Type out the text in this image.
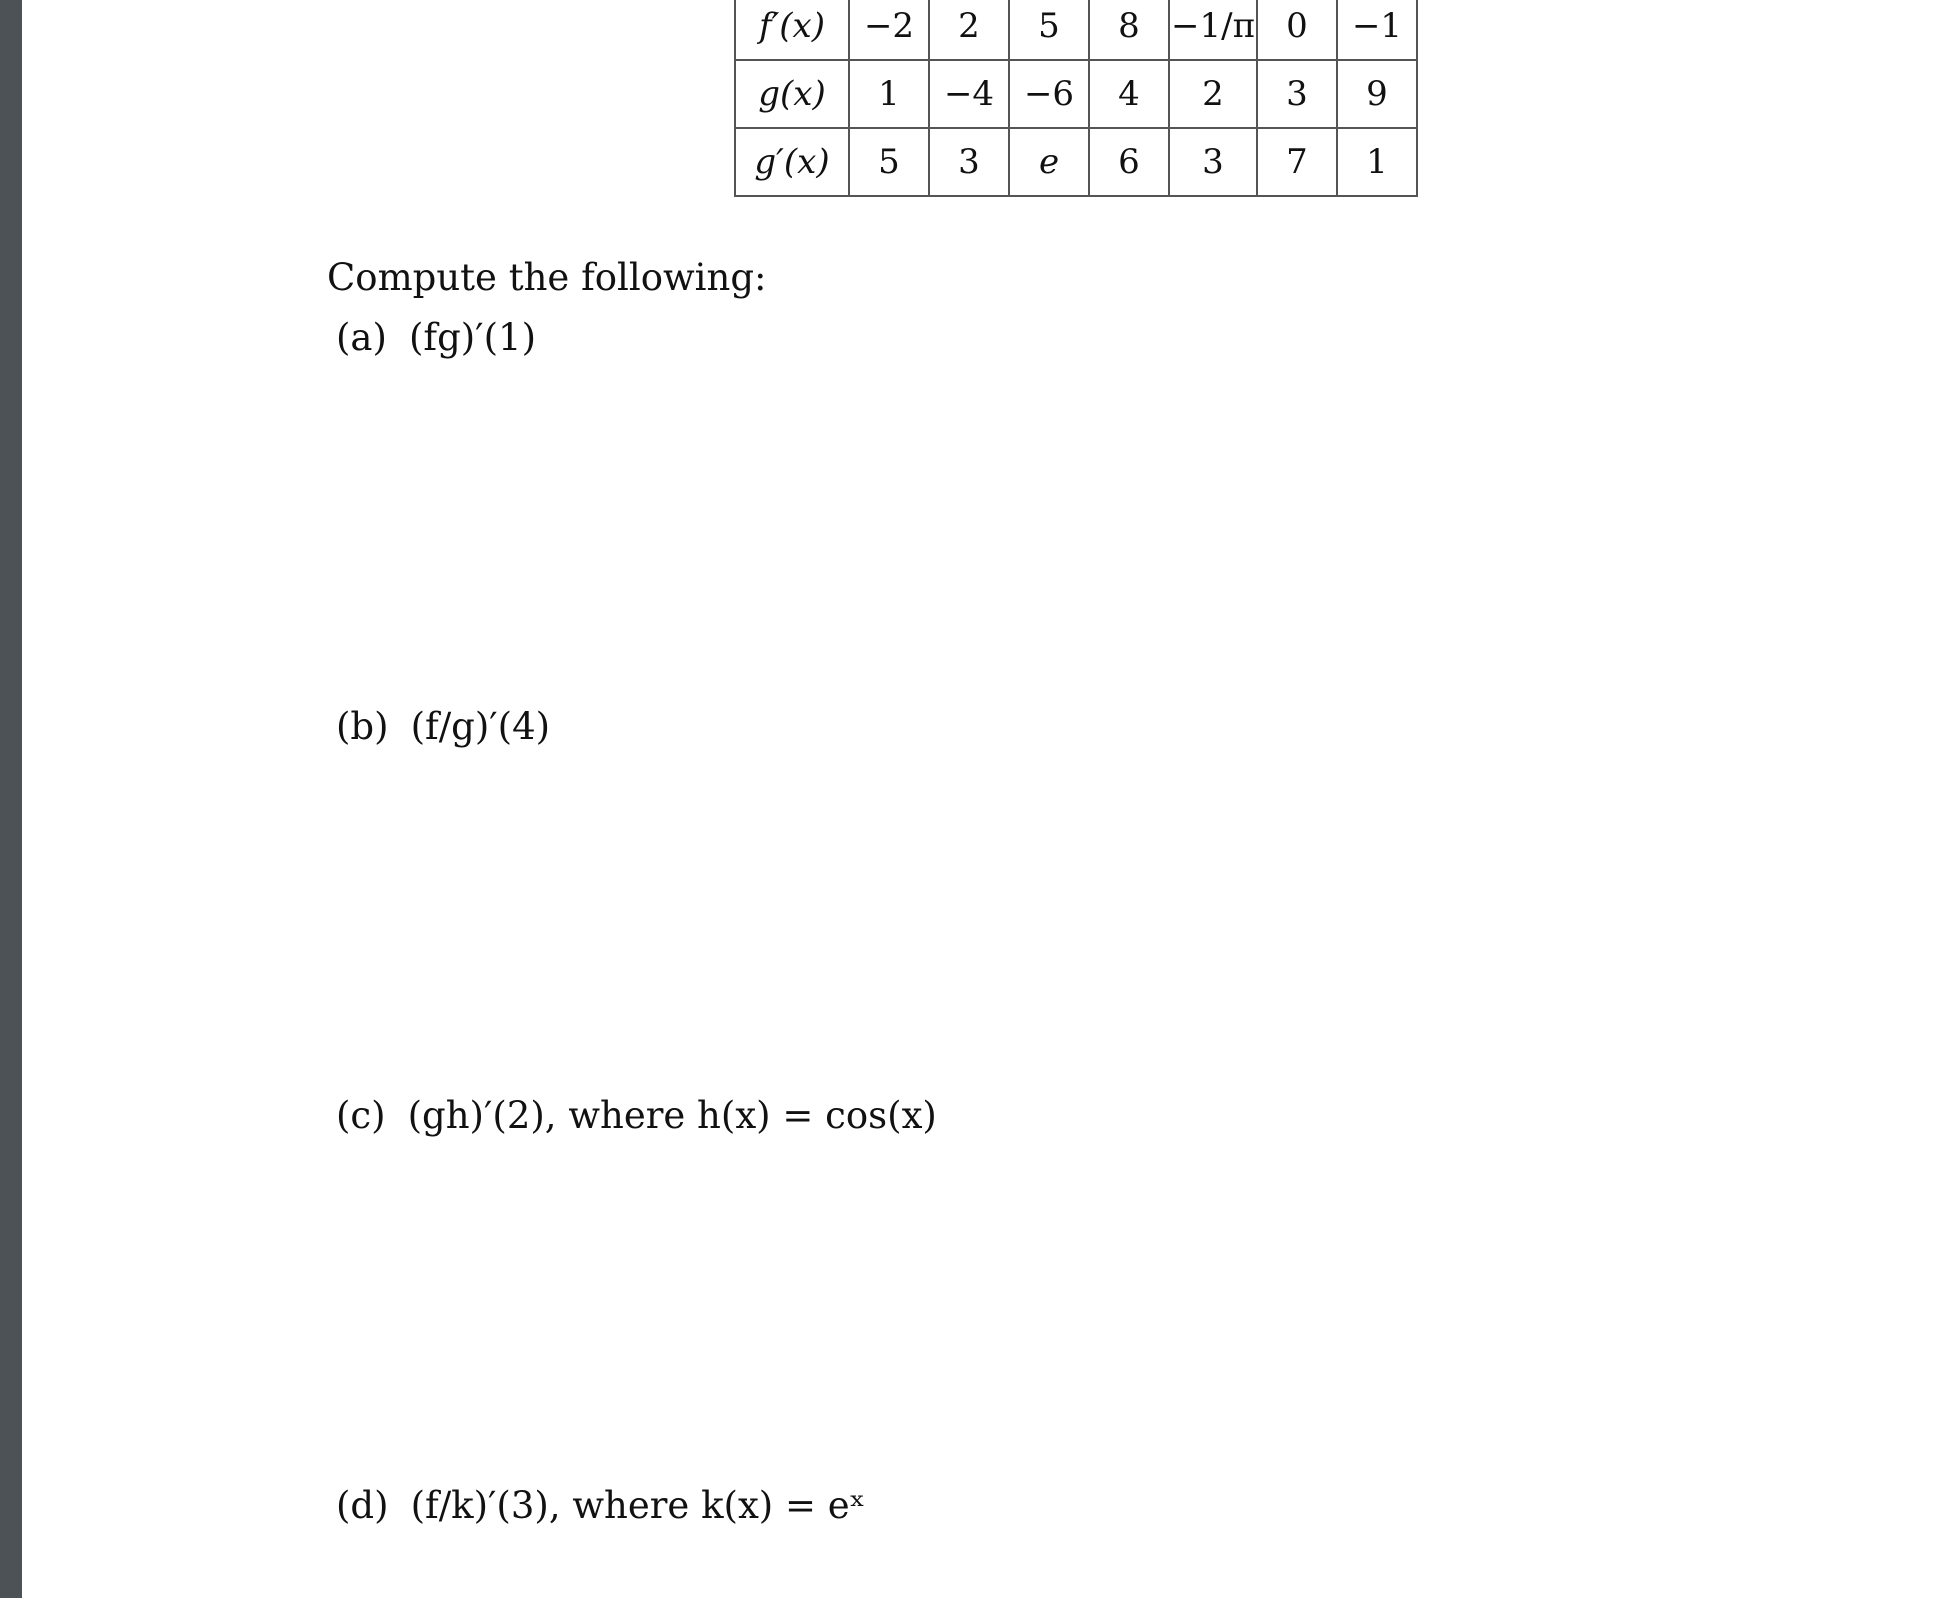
f′(x)	−2	2	5	8	−1/π	0	−1
g(x)	1	−4	−6	4	2	3	9
g′(x)	5	3	e	6	3	7	1
Compute the following:
(a) (fg)′(1)
(b) (f/g)′(4)
(c) (gh)′(2), where h(x) = cos(x)
(d) (f/k)′(3), where k(x) = eˣ
